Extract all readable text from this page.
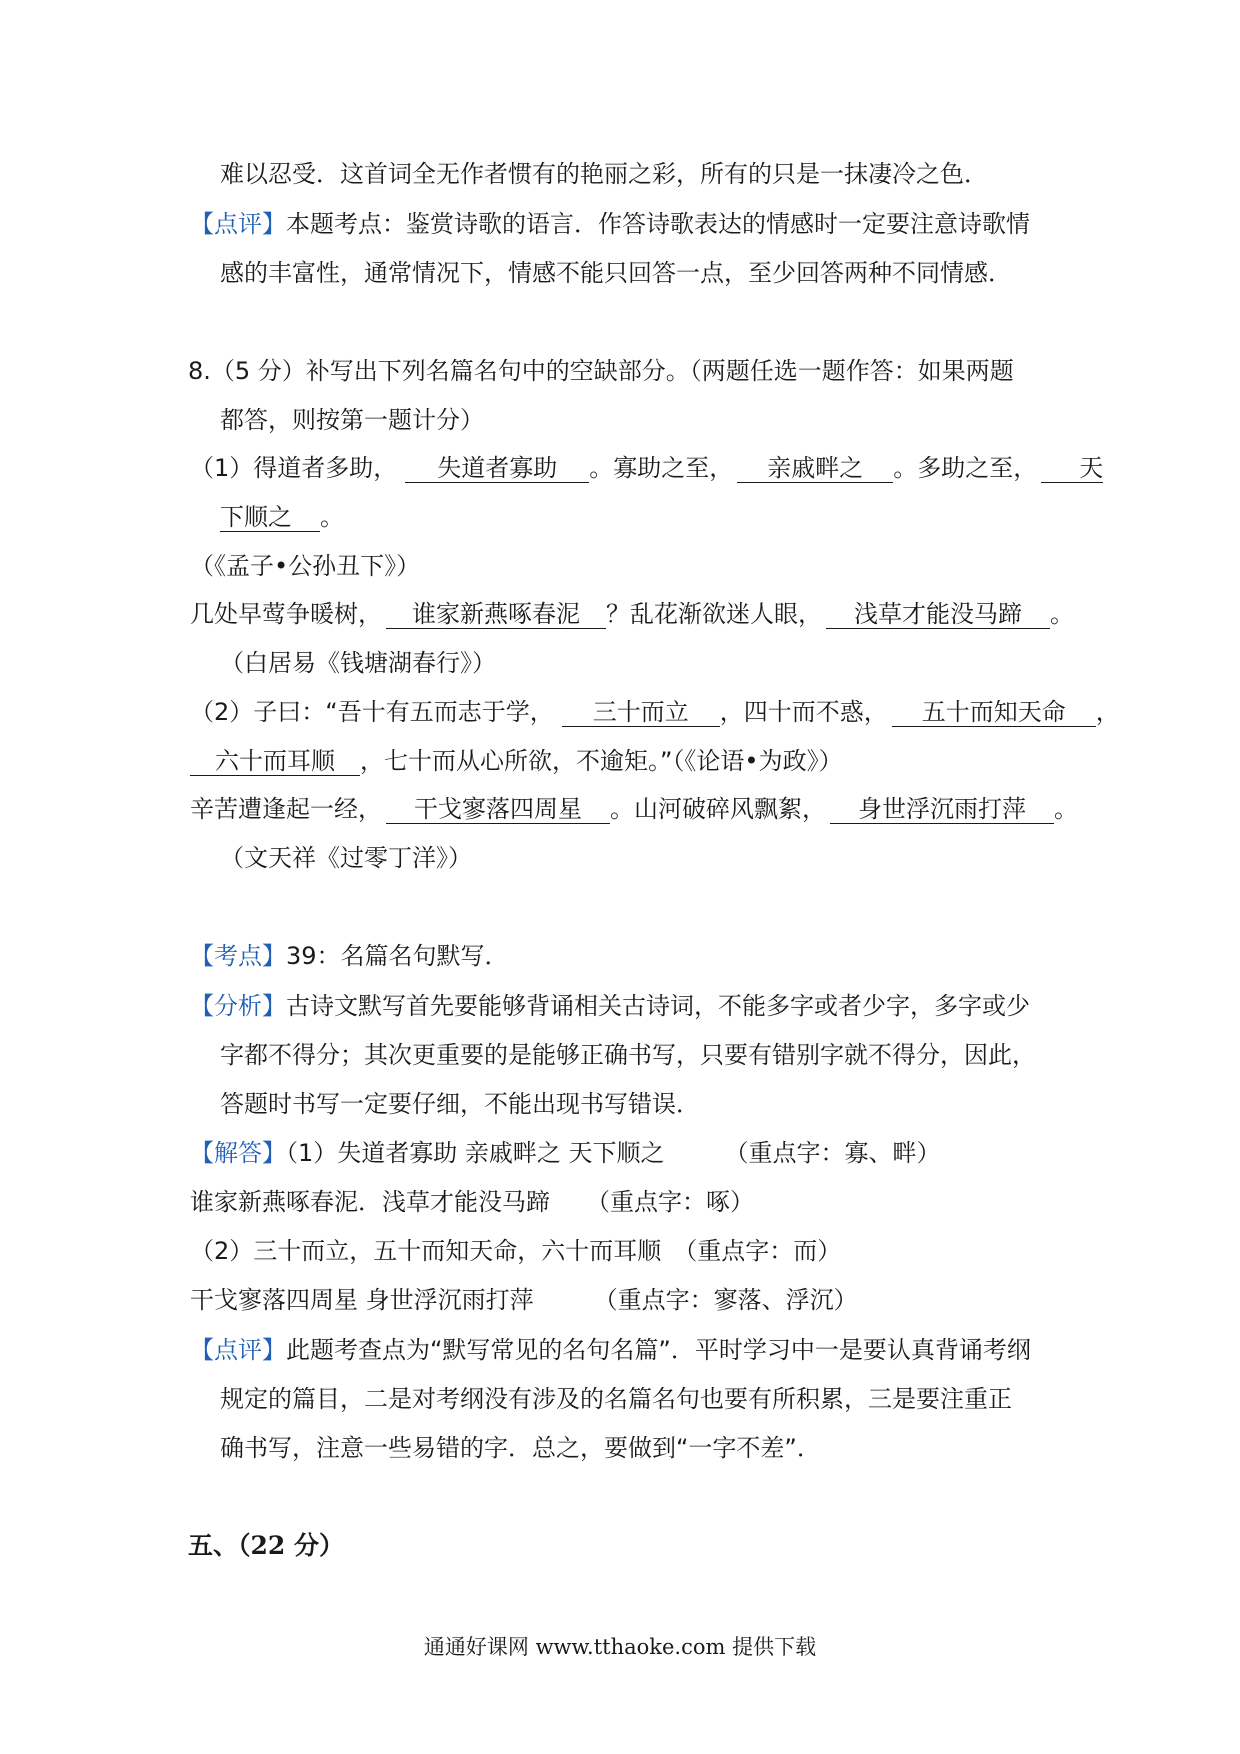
难以忍受．这首词全无作者惯有的艳丽之彩，所有的只是一抹凄冷之色．
【点评】本题考点：鉴赏诗歌的语言．作答诗歌表达的情感时一定要注意诗歌情
感的丰富性，通常情况下，情感不能只回答一点，至少回答两种不同情感．
8.（5 分）补写出下列名篇名句中的空缺部分。（两题任选一题作答：如果两题
都答，则按第一题计分）
（1）得道者多助， 失道者寡助 。寡助之至， 亲戚畔之 。多助之至， 天
下顺之 。
（《孟子•公孙丑下》）
几处早莺争暖树， 谁家新燕啄春泥 ？乱花渐欲迷人眼， 浅草才能没马蹄 。
（白居易《钱塘湖春行》）
（2）子曰：“吾十有五而志于学， 三十而立 ，四十而不惑， 五十而知天命 ，
六十而耳顺 ，七十而从心所欲，不逾矩。”（《论语•为政》）
辛苦遭逢起一经， 干戈寥落四周星 。山河破碎风飘絮， 身世浮沉雨打萍 。
（文天祥《过零丁洋》）
【考点】39：名篇名句默写．
【分析】古诗文默写首先要能够背诵相关古诗词，不能多字或者少字，多字或少
字都不得分；其次更重要的是能够正确书写，只要有错别字就不得分，因此，
答题时书写一定要仔细，不能出现书写错误．
【解答】（1）失道者寡助 亲戚畔之 天下顺之　　　（重点字：寡、畔）
谁家新燕啄春泥．浅草才能没马蹄　　（重点字：啄）
（2）三十而立，五十而知天命，六十而耳顺　（重点字：而）
干戈寥落四周星 身世浮沉雨打萍　　　（重点字：寥落、浮沉）
【点评】此题考查点为“默写常见的名句名篇”．平时学习中一是要认真背诵考纲
规定的篇目，二是对考纲没有涉及的名篇名句也要有所积累，三是要注重正
确书写，注意一些易错的字．总之，要做到“一字不差”．
五、（22 分）
通通好课网 www.tthaoke.com 提供下载
